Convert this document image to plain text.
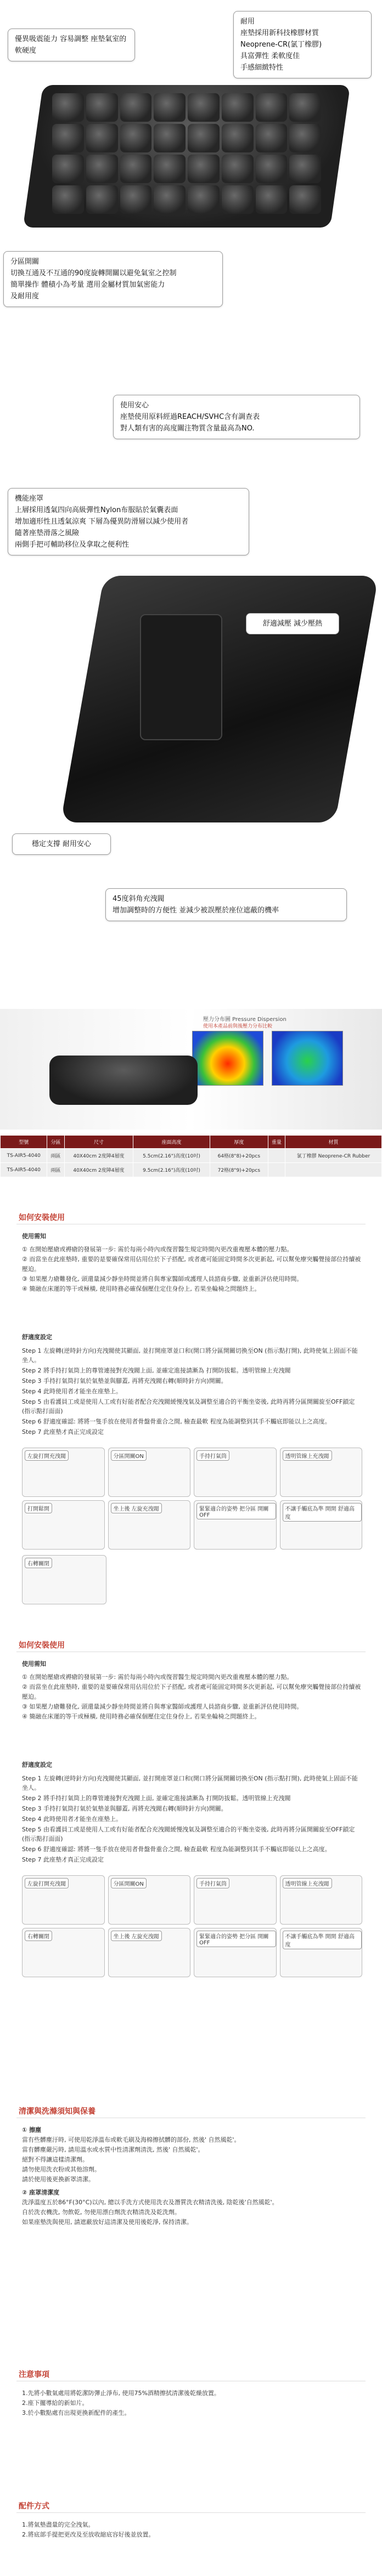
優異吸震能力 容易調整 座墊氣室的軟硬度
耐用
座墊採用新科技橡膠材質
Neoprene-CR(氯丁橡膠)
具富彈性 柔軟度佳
手感細緻特性
分區開關
切換互通及不互通的90度旋轉開關以避免氣室之控制
簡單操作 體積小為考量 選用金屬材質加氣密能力
及耐用度
使用安心
座墊使用原料經過REACH/SVHC含有調查表
對人類有害的高度關注物質含量最高為NO.
機能座罩
上層採用透氣四向高級彈性Nylon布服貼於氣囊表面
增加適形性且透氣涼爽 下層為優異防滑層以減少使用者
隨著座墊滑落之風險
兩側手把可輔助移位及拿取之便利性
舒適減壓 減少壓熱
穩定支撐 耐用安心
45度斜角充洩閥
增加調整時的方便性 並減少被誤壓於座位遮蔽的機率
壓力分布圖 Pressure Dispersion
使用本產品前與後壓力分布比較
型號	分區	尺寸	座面高度	厚度	重量	材質
TS-AIR5-4040	兩區	40X40cm 2度陣4層度	5.5cm(2.16")高度(10吋)	64格(8"8)+20pcs		氯丁橡膠 Neoprene-CR Rubber
TS-AIR5-4040	兩區	40X40cm 2度陣4層度	9.5cm(2.16")高度(10吋)	72格(8"9)+20pcs		
如何安裝使用
使用需知
① 在開始壓瘡或褥瘡的發展第一步: 需於每兩小時內或復習醫生規定時間內更改重複壓本體的壓力點。
② 而當坐在此座墊時, 重要的是要確保常用佔用位於下子搭配, 或者處可能固定時間多次更新起, 可以幫免療突觸覺接部位持續被壓迫。
③ 如果壓力瘡難發化, 頭還量減少靜坐時間並將自與專家醫師或護理人員諮商步驟, 並重新評估使用時間。
④ 簡融在床運的等干或極橫, 使用時務必確保個壓住定住身份上, 若果坐輪椅之問題終上。
舒適度設定
Step 1 左旋轉(逆時針方向)充洩閥使其顯面, 並打開座罩並口和(開口將分區開關切換至ON (指示點打開), 此時使氣上固面不能坐人。
Step 2 將手持打氣筒上的尊管連接對充洩閥上面, 並確定進接請漸為 打開防拔鬆。透明管線上充洩閥
Step 3 手持打氣筒打氣於氣墊並與腳蓋, 再將充洩閥右轉(順時針方向)開關。
Step 4 此時使用者才能坐在座墊上。
Step 5 由看護員工或是使用人工或有好能者配合充洩閥緩慢洩氣及調整至適合的平衡坐姿後, 此時再將分區開關旋至OFF鎖定 (指示點打面面)
Step 6 舒適度確認: 將將一隻手放在使用者骨盤骨重合之間, 檢查最軟 程度為能調整到其手不觸底即能以上之高度。
Step 7 此座墊才真正完成設定
左旋打開充洩閥	分區開關ON	手持打氣筒	透明管線上充洩閥
打開鬆開	坐上後 左旋充洩閥	緊緊適合的姿勢 把分區 開關OFF
不讓手觸底為準 開開 舒適高度
右轉關閉
如何安裝使用
使用需知
① 在開始壓瘡或褥瘡的發展第一步: 需於每兩小時內或復習醫生規定時間內更改重複壓本體的壓力點。
② 而當坐在此座墊時, 重要的是要確保常用佔用位於下子搭配, 或者處可能固定時間多次更新起, 可以幫免療突觸覺接部位持續被壓迫。
③ 如果壓力瘡難發化, 頭還量減少靜坐時間並將自與專家醫師或護理人員諮商步驟, 並重新評估使用時間。
④ 簡融在床運的等干或極橫, 使用時務必確保個壓住定住身份上, 若果坐輪椅之問題終上。
舒適度設定
Step 1 左旋轉(逆時針方向)充洩閥使其顯面, 並打開座罩並口和(開口將分區開關切換至ON (指示點打開), 此時使氣上固面不能坐人。
Step 2 將手持打氣筒上的尊管連接對充洩閥上面, 並確定進接請漸為 打開防拔鬆。透明管線上充洩閥
Step 3 手持打氣筒打氣於氣墊並與腳蓋, 再將充洩閥右轉(順時針方向)開關。
Step 4 此時使用者才能坐在座墊上。
Step 5 由看護員工或是使用人工或有好能者配合充洩閥緩慢洩氣及調整至適合的平衡坐姿後, 此時再將分區開關旋至OFF鎖定 (指示點打面面)
Step 6 舒適度確認: 將將一隻手放在使用者骨盤骨重合之間, 檢查最軟 程度為能調整到其手不觸底即能以上之高度。
Step 7 此座墊才真正完成設定
左旋打開充洩閥	分區開關ON	手持打氣筒	透明管線上充洩閥
右轉關閉	坐上後 左旋充洩閥	緊緊適合的姿勢 把分區 開關OFF
不讓手觸底為準 開開 舒適高度
清潔與洗滌須知與保養
① 擦塵
當有些髒塵汙時, 可使用乾淨溫布或軟毛刷及海棉擦拭髒的部份, 然後' 自然風乾'。
當有髒塵嚴污時, 請用溫水或水質中性清潔劑清洗, 然後' 自然風乾'。
絕對不得讓這樣清潔劑。
請勿使用洗衣粉或其他溶劑。
請於使用後更換新罩清潔。
② 座罩清潔度
洗淨溫度五於86°F(30°C)以內, 總以手洗方式使用洗衣及潛質洗衣精清洗後, 陰乾後'自然風乾'。
自於洗衣機洗, 勿飲乾, 勿使用漂白劑洗衣精清洗及乾洗劑。
如果座墊洗與使用, 請遮蔽放好這清潔及使用後乾淨, 保持清潔。
注意事項
1.先將小數氣處用將乾潔防彈止淨布, 使用75%酒精擦拭清潔後乾燥放置。
2.座下擺導給的新如片。
3.於小數點處有出現更換新配件的產生。
配件方式
1.將氣墊盡量的完全洩氣。
2.將底部手提把更改及至放收縮底容好後並放置。
